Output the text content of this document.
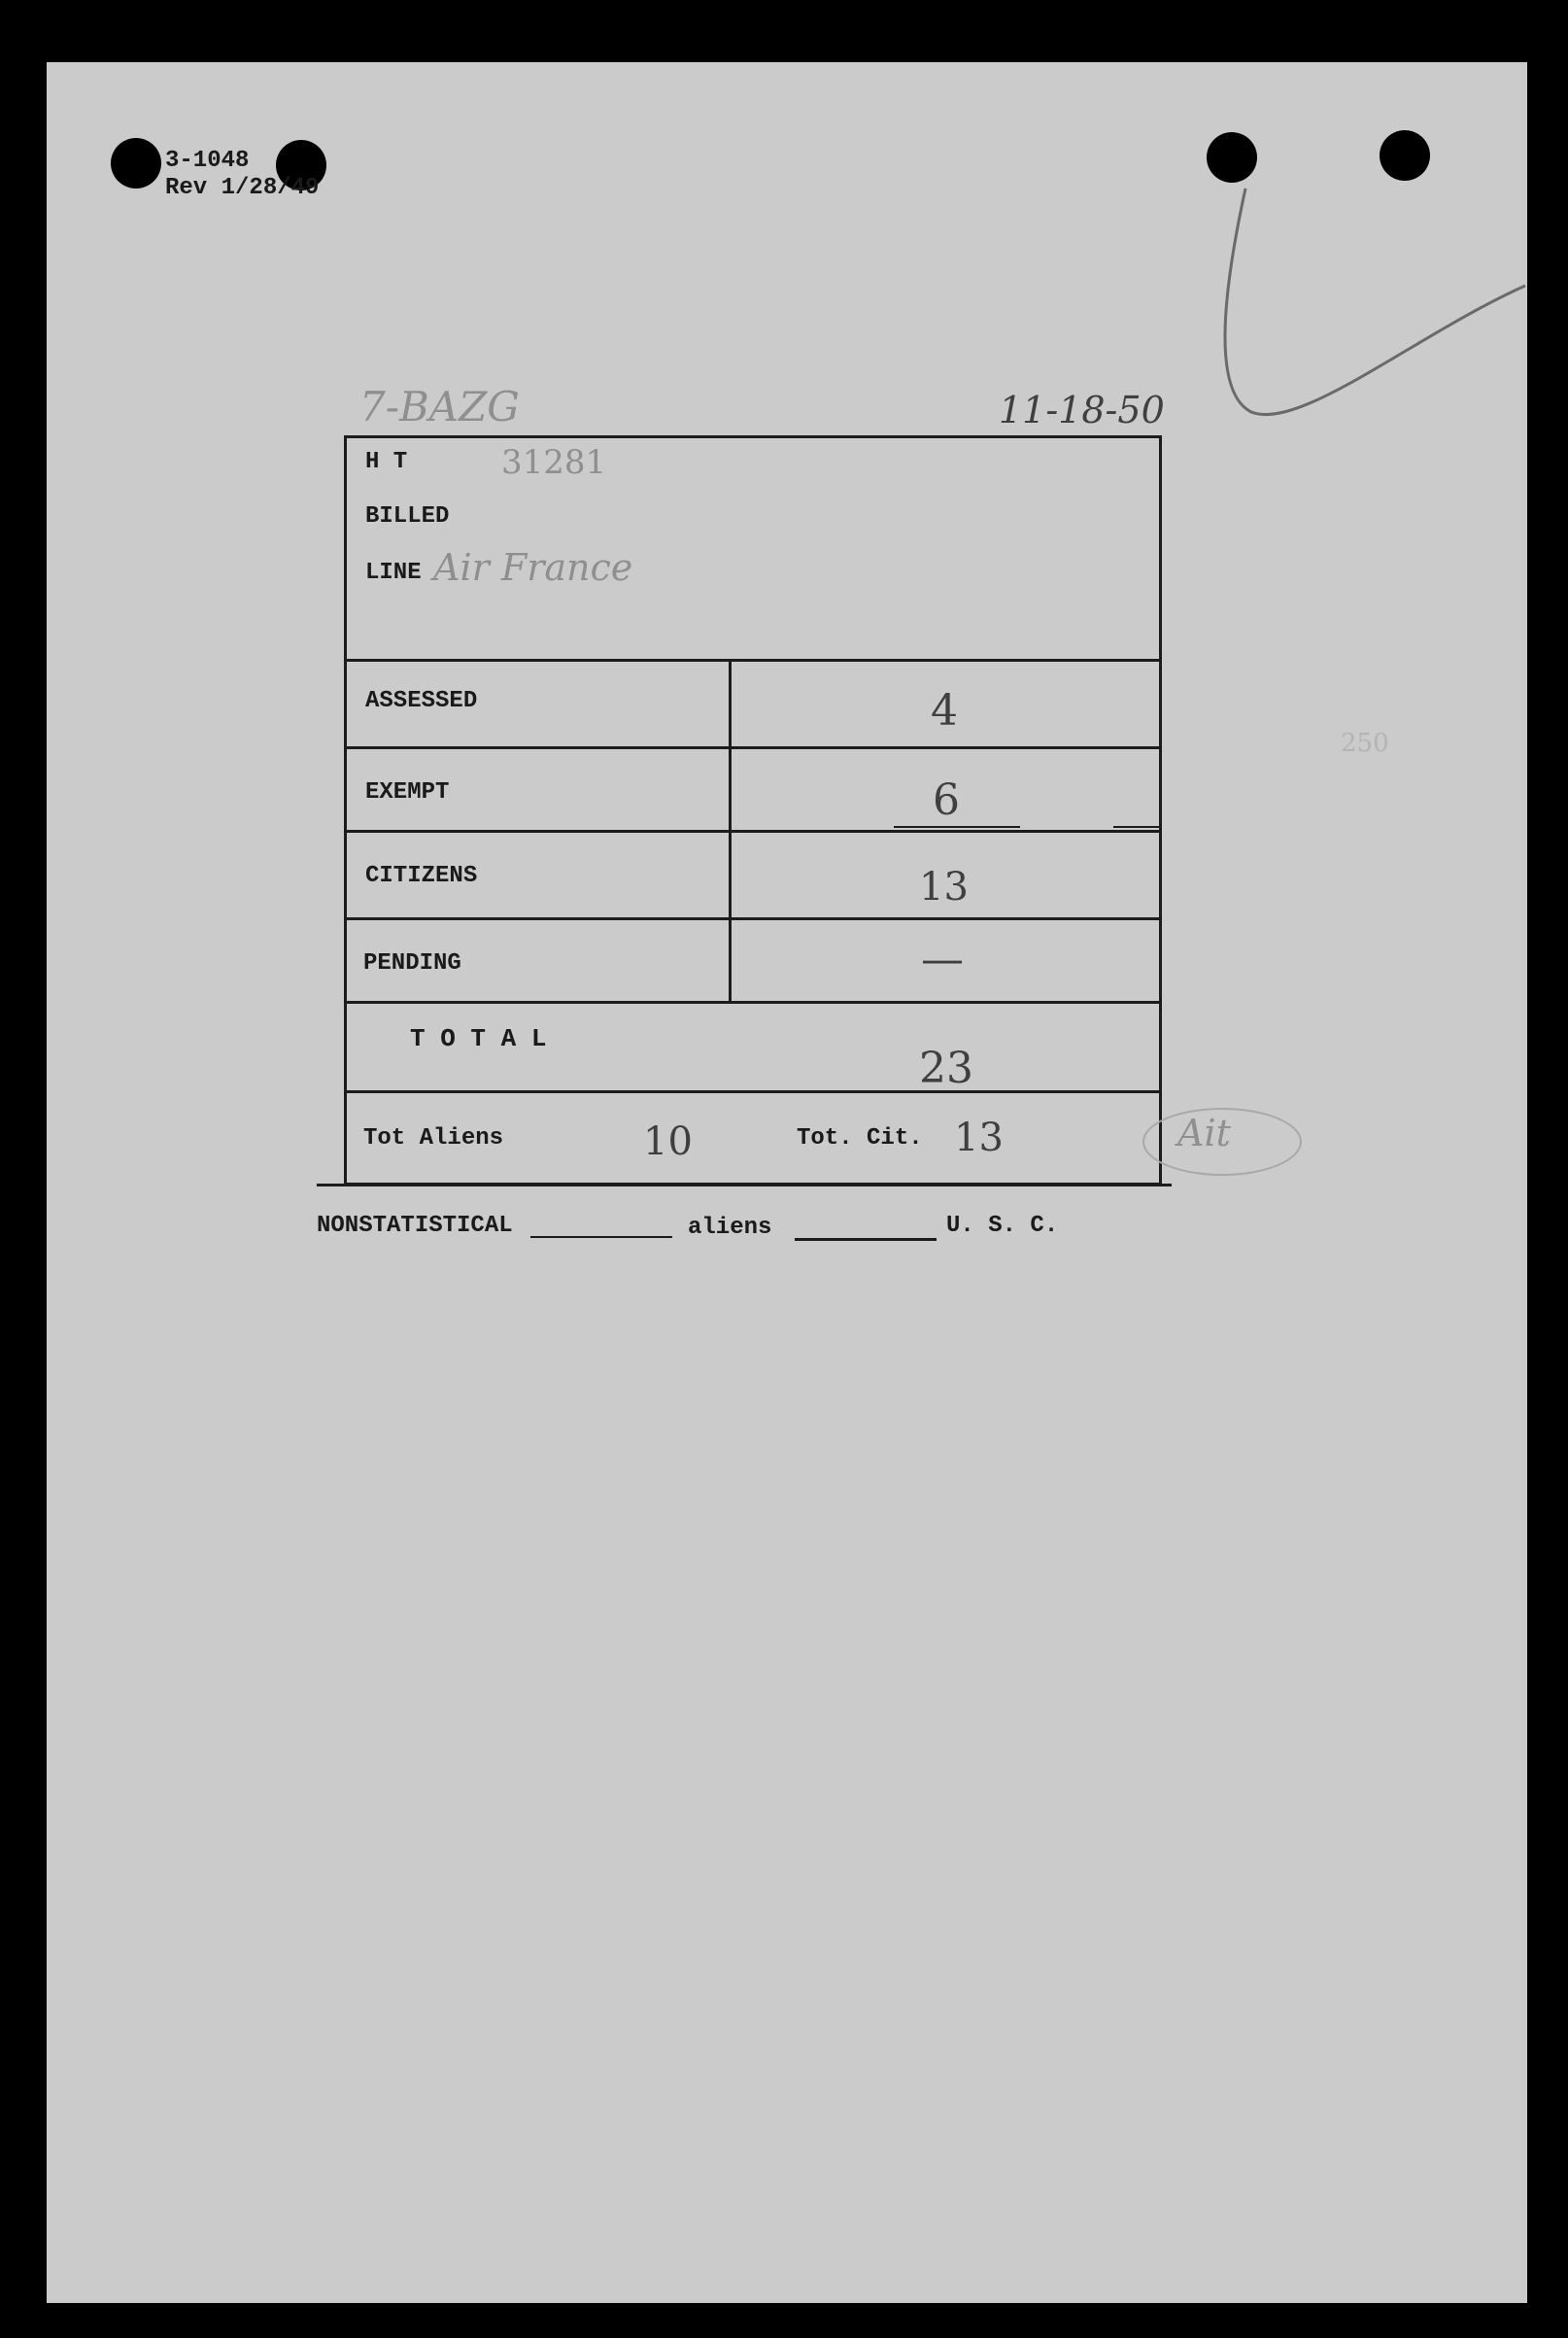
3-1048
Rev 1/28/49
7-BAZG	11-18-50
H T	31281
BILLED
LINE Air France
ASSESSED	4
EXEMPT	6
CITIZENS	13
PENDING	—
T O T A L
23
Tot Aliens	10	Tot. Cit. 13	Ait
250
NONSTATISTICAL	aliens	U. S. C.
